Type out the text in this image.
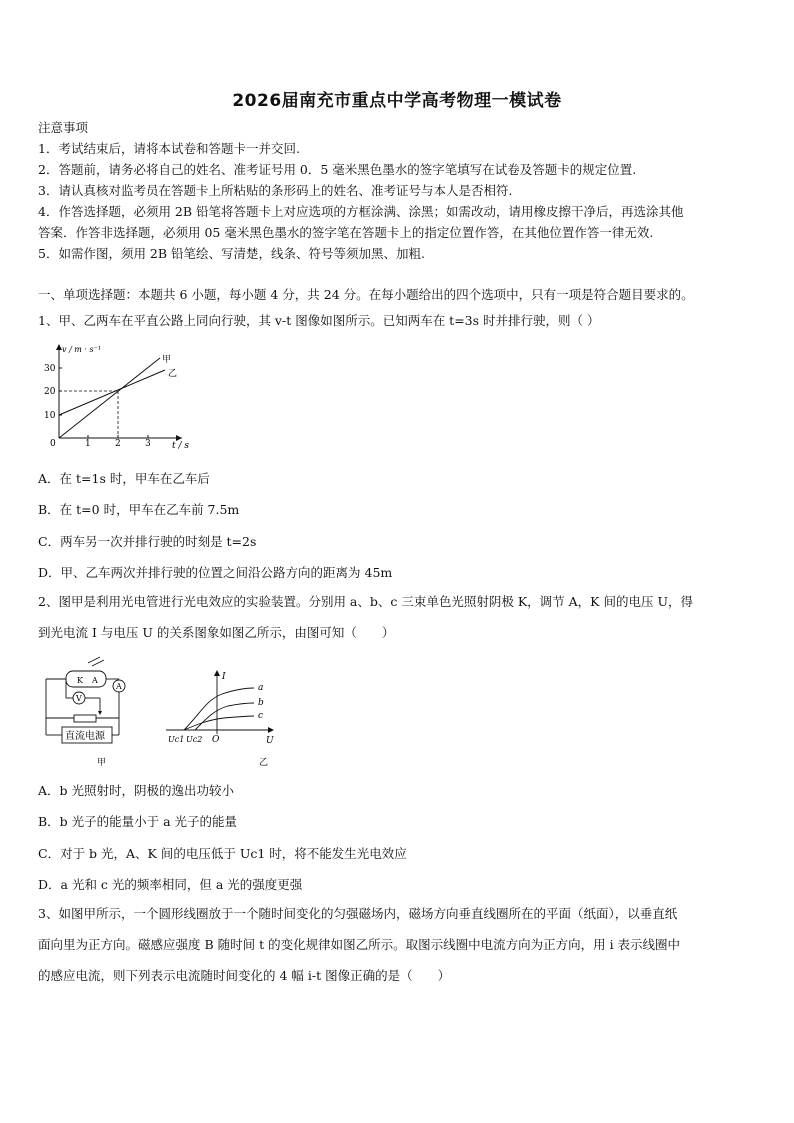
2026届南充市重点中学高考物理一模试卷
注意事项
1．考试结束后，请将本试卷和答题卡一并交回.
2．答题前，请务必将自己的姓名、准考证号用 0．5 毫米黑色墨水的签字笔填写在试卷及答题卡的规定位置.
3．请认真核对监考员在答题卡上所粘贴的条形码上的姓名、准考证号与本人是否相符.
4．作答选择题，必须用 2B 铅笔将答题卡上对应选项的方框涂满、涂黑；如需改动，请用橡皮擦干净后，再选涂其他
答案．作答非选择题，必须用 05 毫米黑色墨水的签字笔在答题卡上的指定位置作答，在其他位置作答一律无效.
5．如需作图，须用 2B 铅笔绘、写清楚，线条、符号等须加黑、加粗.
一、单项选择题：本题共 6 小题，每小题 4 分，共 24 分。在每小题给出的四个选项中，只有一项是符合题目要求的。
1、甲、乙两车在平直公路上同向行驶，其 v-t 图像如图所示。已知两车在 t=3s 时并排行驶，则（ ）
v / m · s⁻¹
t / s
10
20
30
0	1	2	3
甲
乙
A．在 t=1s 时，甲车在乙车后
B．在 t=0 时，甲车在乙车前 7.5m
C．两车另一次并排行驶的时刻是 t=2s
D．甲、乙车两次并排行驶的位置之间沿公路方向的距离为 45m
2、图甲是利用光电管进行光电效应的实验装置。分别用 a、b、c 三束单色光照射阴极 K，调节 A，K 间的电压 U，得
到光电流 I 与电压 U 的关系图象如图乙所示，由图可知（　　）
K A
A
V
直流电源
甲
I
U
O
Uc1 Uc2
a
b
c
乙
A．b 光照射时，阴极的逸出功较小
B．b 光子的能量小于 a 光子的能量
C．对于 b 光，A、K 间的电压低于 Uc1 时，将不能发生光电效应
D．a 光和 c 光的频率相同，但 a 光的强度更强
3、如图甲所示，一个圆形线圈放于一个随时间变化的匀强磁场内，磁场方向垂直线圈所在的平面（纸面），以垂直纸
面向里为正方向。磁感应强度 B 随时间 t 的变化规律如图乙所示。取图示线圈中电流方向为正方向，用 i 表示线圈中
的感应电流，则下列表示电流随时间变化的 4 幅 i-t 图像正确的是（　　）
